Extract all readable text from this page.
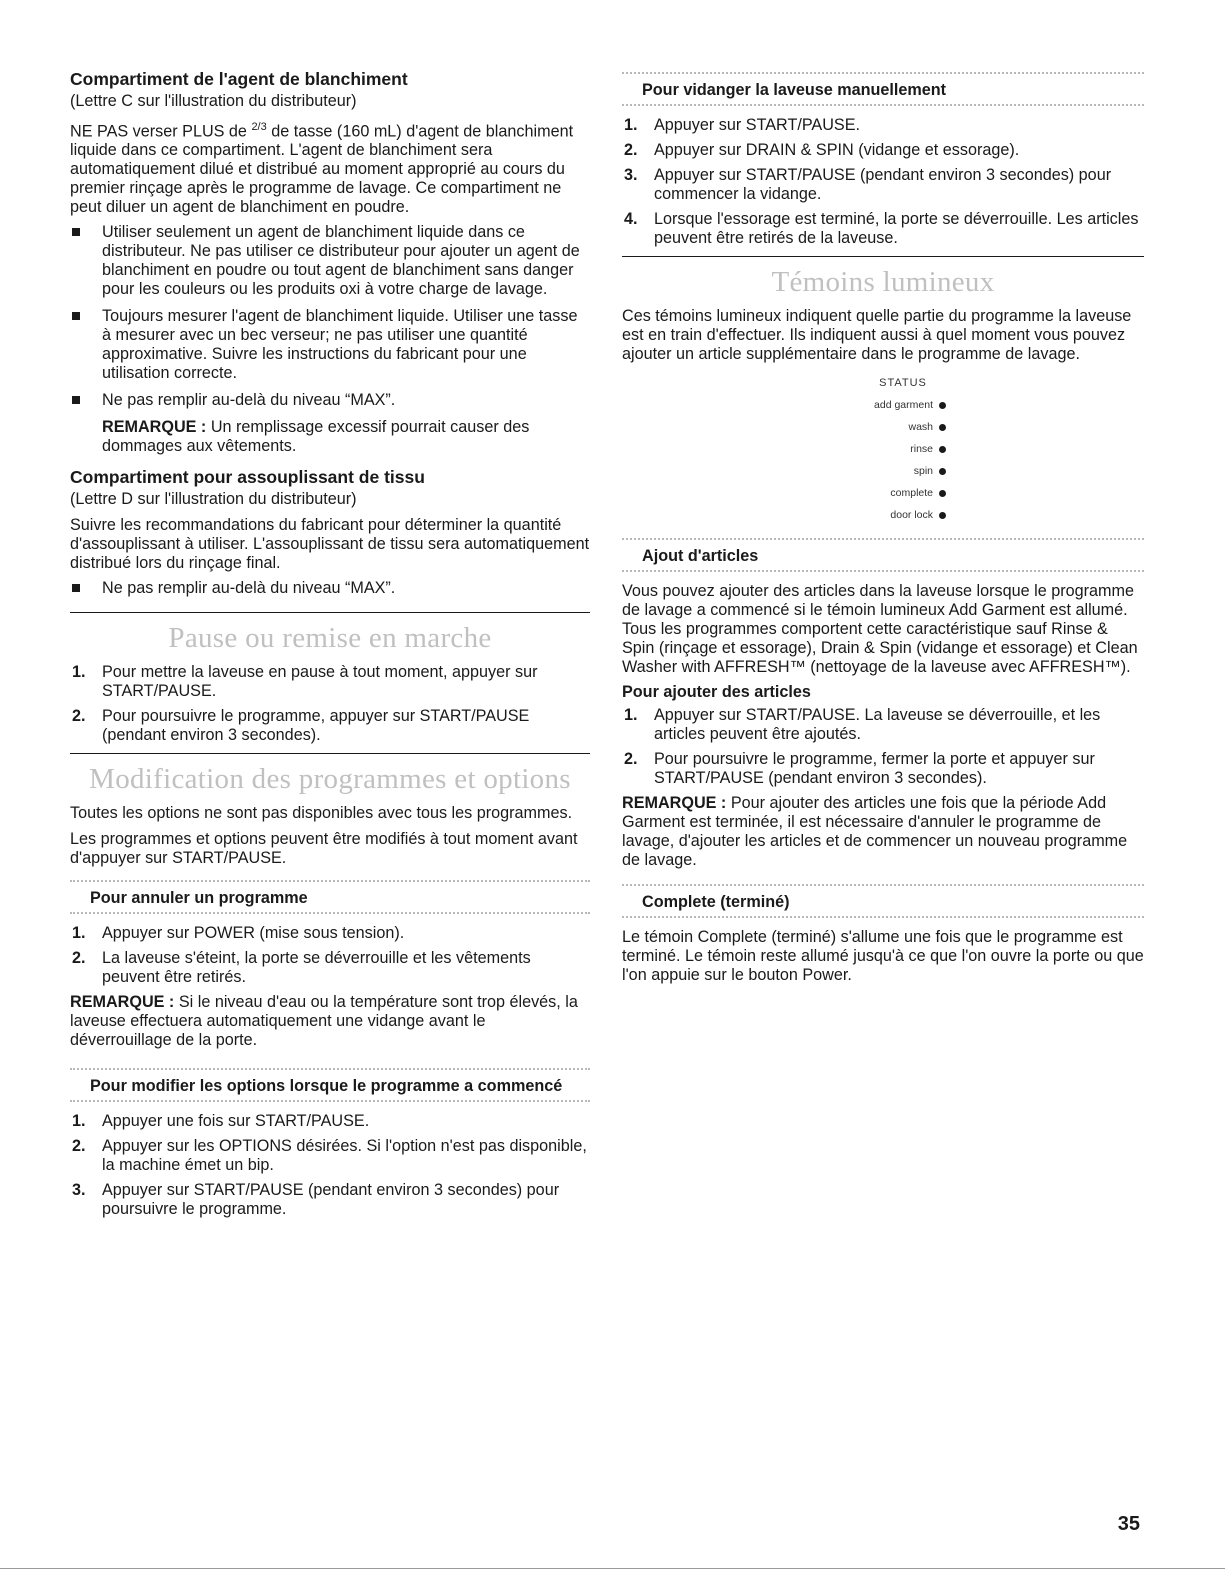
Compartiment de l'agent de blanchiment

(Lettre C sur l'illustration du distributeur)

NE PAS verser PLUS de $^{2/3}$ de tasse (160 mL) d'agent de blanchiment liquide dans ce compartiment. L'agent de blanchiment sera automatiquement dilué et distribué au moment approprié au cours du premier rinçage après le programme de lavage. Ce compartiment ne peut diluer un agent de blanchiment en poudre.

Utiliser seulement un agent de blanchiment liquide dans ce distributeur. Ne pas utiliser ce distributeur pour ajouter un agent de blanchiment en poudre ou tout agent de blanchiment sans danger pour les couleurs ou les produits oxi à votre charge de lavage.
Toujours mesurer l'agent de blanchiment liquide. Utiliser une tasse à mesurer avec un bec verseur; ne pas utiliser une quantité approximative. Suivre les instructions du fabricant pour une utilisation correcte.
Ne pas remplir au-delà du niveau “MAX”.

REMARQUE : Un remplissage excessif pourrait causer des dommages aux vêtements.

Compartiment pour assouplissant de tissu

(Lettre D sur l'illustration du distributeur)

Suivre les recommandations du fabricant pour déterminer la quantité d'assouplissant à utiliser. L'assouplissant de tissu sera automatiquement distribué lors du rinçage final.

Ne pas remplir au-delà du niveau “MAX”.
Pause ou remise en marche
1. Pour mettre la laveuse en pause à tout moment, appuyer sur START/PAUSE.
2. Pour poursuivre le programme, appuyer sur START/PAUSE (pendant environ 3 secondes).
Modification des programmes et options

Toutes les options ne sont pas disponibles avec tous les programmes.

Les programmes et options peuvent être modifiés à tout moment avant d'appuyer sur START/PAUSE.

Pour annuler un programme
1. Appuyer sur POWER (mise sous tension).
2. La laveuse s'éteint, la porte se déverrouille et les vêtements peuvent être retirés.

REMARQUE : Si le niveau d'eau ou la température sont trop élevés, la laveuse effectuera automatiquement une vidange avant le déverrouillage de la porte.

Pour modifier les options lorsque le programme a commencé
1. Appuyer une fois sur START/PAUSE.
2. Appuyer sur les OPTIONS désirées. Si l'option n'est pas disponible, la machine émet un bip.
3. Appuyer sur START/PAUSE (pendant environ 3 secondes) pour poursuivre le programme.
Pour vidanger la laveuse manuellement
1. Appuyer sur START/PAUSE.
2. Appuyer sur DRAIN & SPIN (vidange et essorage).
3. Appuyer sur START/PAUSE (pendant environ 3 secondes) pour commencer la vidange.
4. Lorsque l'essorage est terminé, la porte se déverrouille. Les articles peuvent être retirés de la laveuse.
Témoins lumineux

Ces témoins lumineux indiquent quelle partie du programme la laveuse est en train d'effectuer. Ils indiquent aussi à quel moment vous pouvez ajouter un article supplémentaire dans le programme de lavage.

STATUS
add garment
wash
rinse
spin
complete
door lock
Ajout d'articles

Vous pouvez ajouter des articles dans la laveuse lorsque le programme de lavage a commencé si le témoin lumineux Add Garment est allumé. Tous les programmes comportent cette caractéristique sauf Rinse & Spin (rinçage et essorage), Drain & Spin (vidange et essorage) et Clean Washer with AFFRESH™ (nettoyage de la laveuse avec AFFRESH™).

Pour ajouter des articles

1. Appuyer sur START/PAUSE. La laveuse se déverrouille, et les articles peuvent être ajoutés.
2. Pour poursuivre le programme, fermer la porte et appuyer sur START/PAUSE (pendant environ 3 secondes).

REMARQUE : Pour ajouter des articles une fois que la période Add Garment est terminée, il est nécessaire d'annuler le programme de lavage, d'ajouter les articles et de commencer un nouveau programme de lavage.

Complete (terminé)

Le témoin Complete (terminé) s'allume une fois que le programme est terminé. Le témoin reste allumé jusqu'à ce que l'on ouvre la porte ou que l'on appuie sur le bouton Power.

35
